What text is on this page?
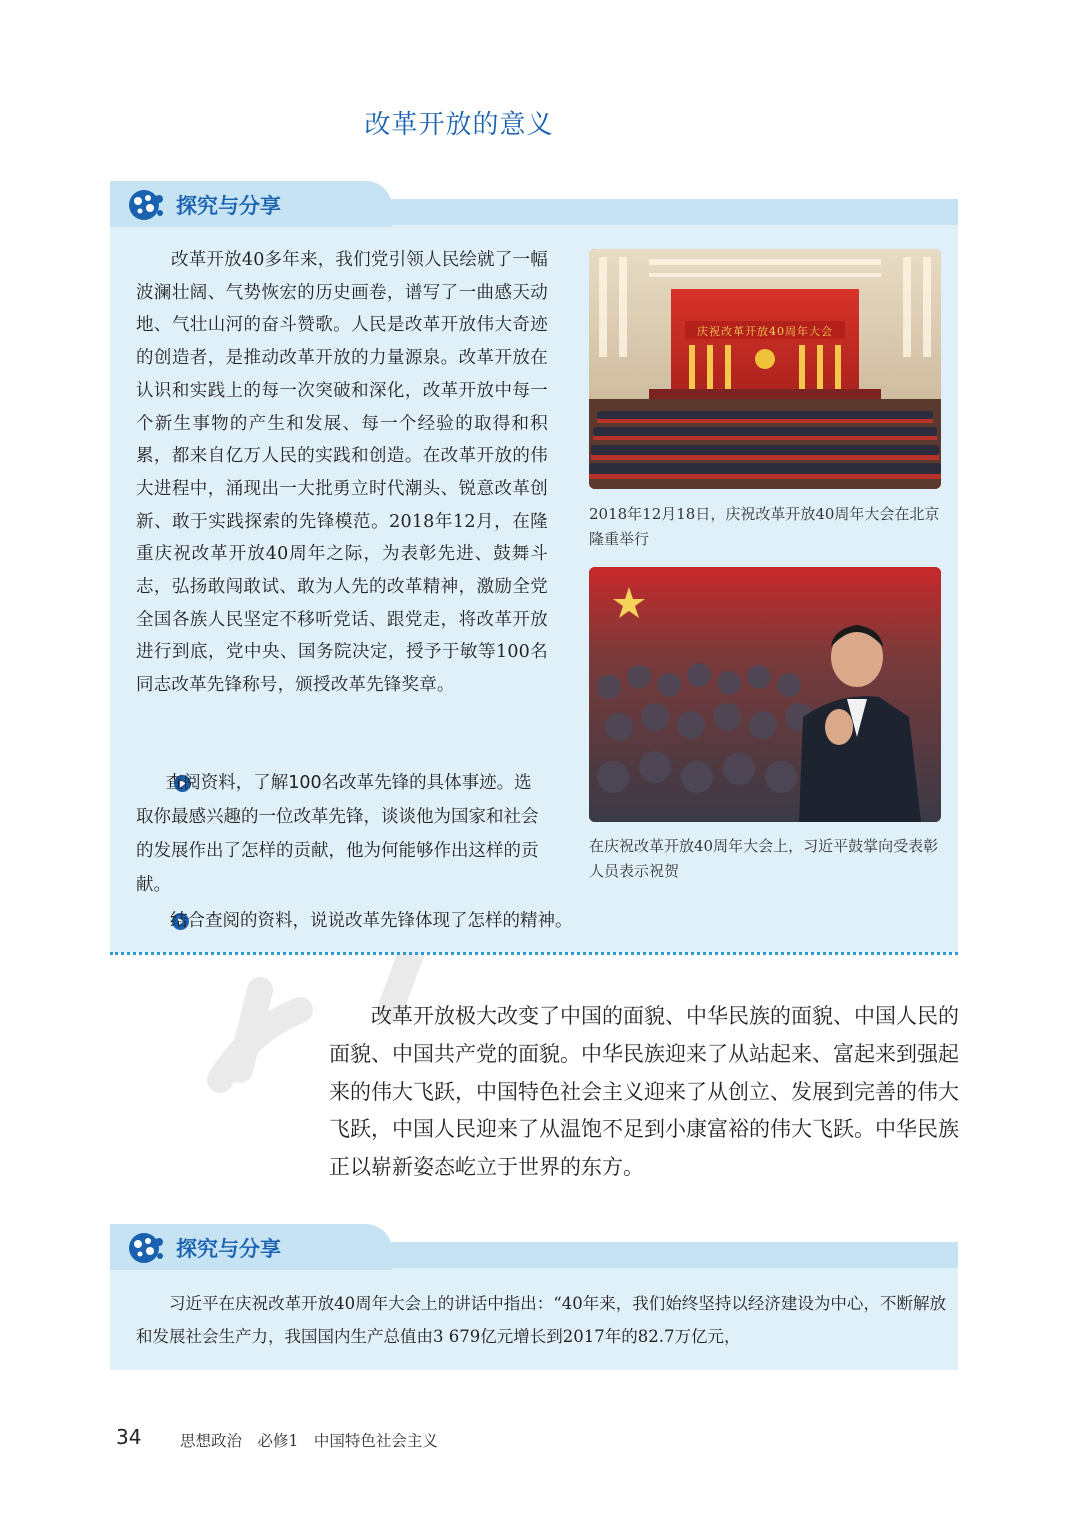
改革开放的意义
探究与分享

改革开放40多年来，我们党引领人民绘就了一幅波澜壮阔、气势恢宏的历史画卷，谱写了一曲感天动地、气壮山河的奋斗赞歌。人民是改革开放伟大奇迹的创造者，是推动改革开放的力量源泉。改革开放在认识和实践上的每一次突破和深化，改革开放中每一个新生事物的产生和发展、每一个经验的取得和积累，都来自亿万人民的实践和创造。在改革开放的伟大进程中，涌现出一大批勇立时代潮头、锐意改革创新、敢于实践探索的先锋模范。2018年12月，在隆重庆祝改革开放40周年之际，为表彰先进、鼓舞斗志，弘扬敢闯敢试、敢为人先的改革精神，激励全党全国各族人民坚定不移听党话、跟党走，将改革开放进行到底，党中央、国务院决定，授予于敏等100名同志改革先锋称号，颁授改革先锋奖章。

查阅资料，了解100名改革先锋的具体事迹。选取你最感兴趣的一位改革先锋，谈谈他为国家和社会的发展作出了怎样的贡献，他为何能够作出这样的贡献。

结合查阅的资料，说说改革先锋体现了怎样的精神。

庆祝改革开放40周年大会

2018年12月18日，庆祝改革开放40周年大会在北京隆重举行

在庆祝改革开放40周年大会上，习近平鼓掌向受表彰人员表示祝贺

改革开放极大改变了中国的面貌、中华民族的面貌、中国人民的面貌、中国共产党的面貌。中华民族迎来了从站起来、富起来到强起来的伟大飞跃，中国特色社会主义迎来了从创立、发展到完善的伟大飞跃，中国人民迎来了从温饱不足到小康富裕的伟大飞跃。中华民族正以崭新姿态屹立于世界的东方。

探究与分享

习近平在庆祝改革开放40周年大会上的讲话中指出：“40年来，我们始终坚持以经济建设为中心，不断解放和发展社会生产力，我国国内生产总值由3 679亿元增长到2017年的82.7万亿元，

34 思想政治　必修1　中国特色社会主义
